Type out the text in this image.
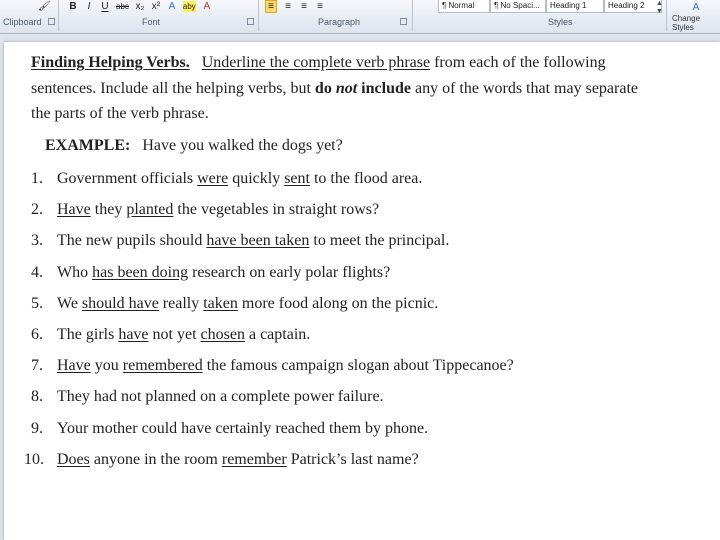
🖌
Clipboard
B	I	U abc x₂ x² A aby A
Font
≡	≡ ≡ ≡
Paragraph
¶ Normal	¶ No Spaci...	Heading 1	Heading 2	▲
▼
Styles
A
Change Styles
Finding Helping Verbs. Underline the complete verb phrase from each of the following
sentences. Include all the helping verbs, but do not include any of the words that may separate
the parts of the verb phrase.
EXAMPLE: Have you walked the dogs yet?
1. Government officials were quickly sent to the flood area.
2. Have they planted the vegetables in straight rows?
3. The new pupils should have been taken to meet the principal.
4. Who has been doing research on early polar flights?
5. We should have really taken more food along on the picnic.
6. The girls have not yet chosen a captain.
7. Have you remembered the famous campaign slogan about Tippecanoe?
8. They had not planned on a complete power failure.
9. Your mother could have certainly reached them by phone.
10. Does anyone in the room remember Patrick’s last name?
